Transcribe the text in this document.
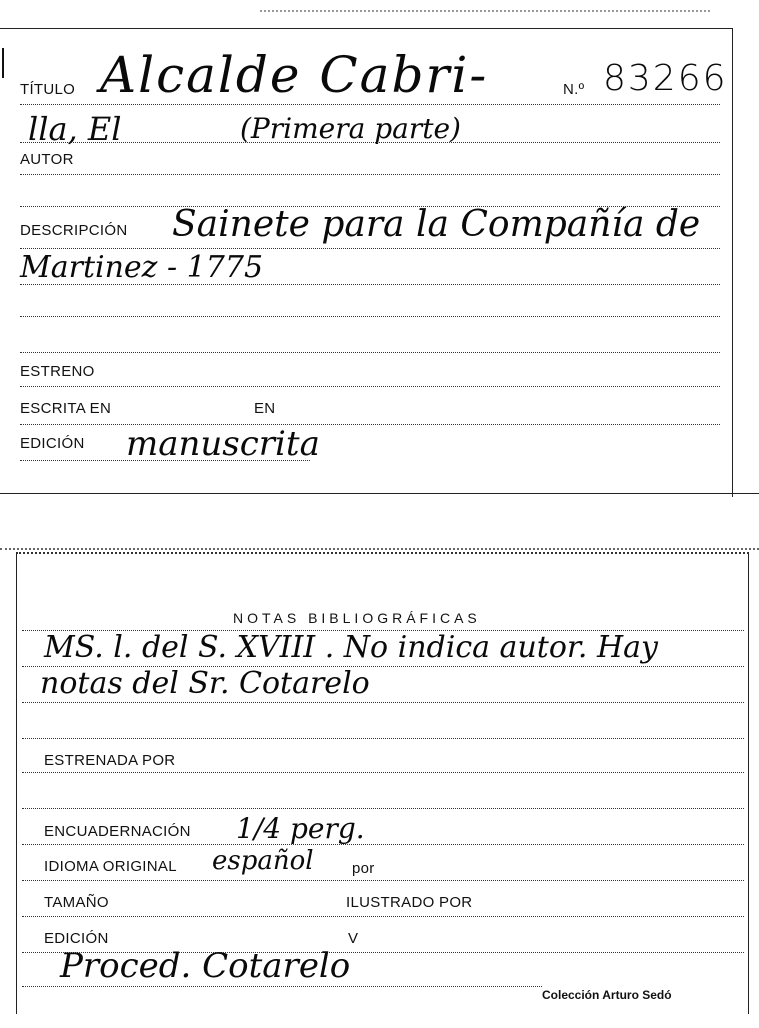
TÍTULO Alcalde Cabri-	N.º 83266
lla, El	(Primera parte)
AUTOR
DESCRIPCIÓN Sainete para la Compañía de
Martinez - 1775
ESTRENO
ESCRITA EN	EN
EDICIÓN manuscrita
NOTAS BIBLIOGRÁFICAS
MS. l. del S. XVIII . No indica autor. Hay
notas del Sr. Cotarelo
ESTRENADA POR
ENCUADERNACIÓN 1/4 perg.
IDIOMA ORIGINAL español	por
TAMAÑO	ILUSTRADO POR
EDICIÓN	V
Proced. Cotarelo
Colección Arturo Sedó
